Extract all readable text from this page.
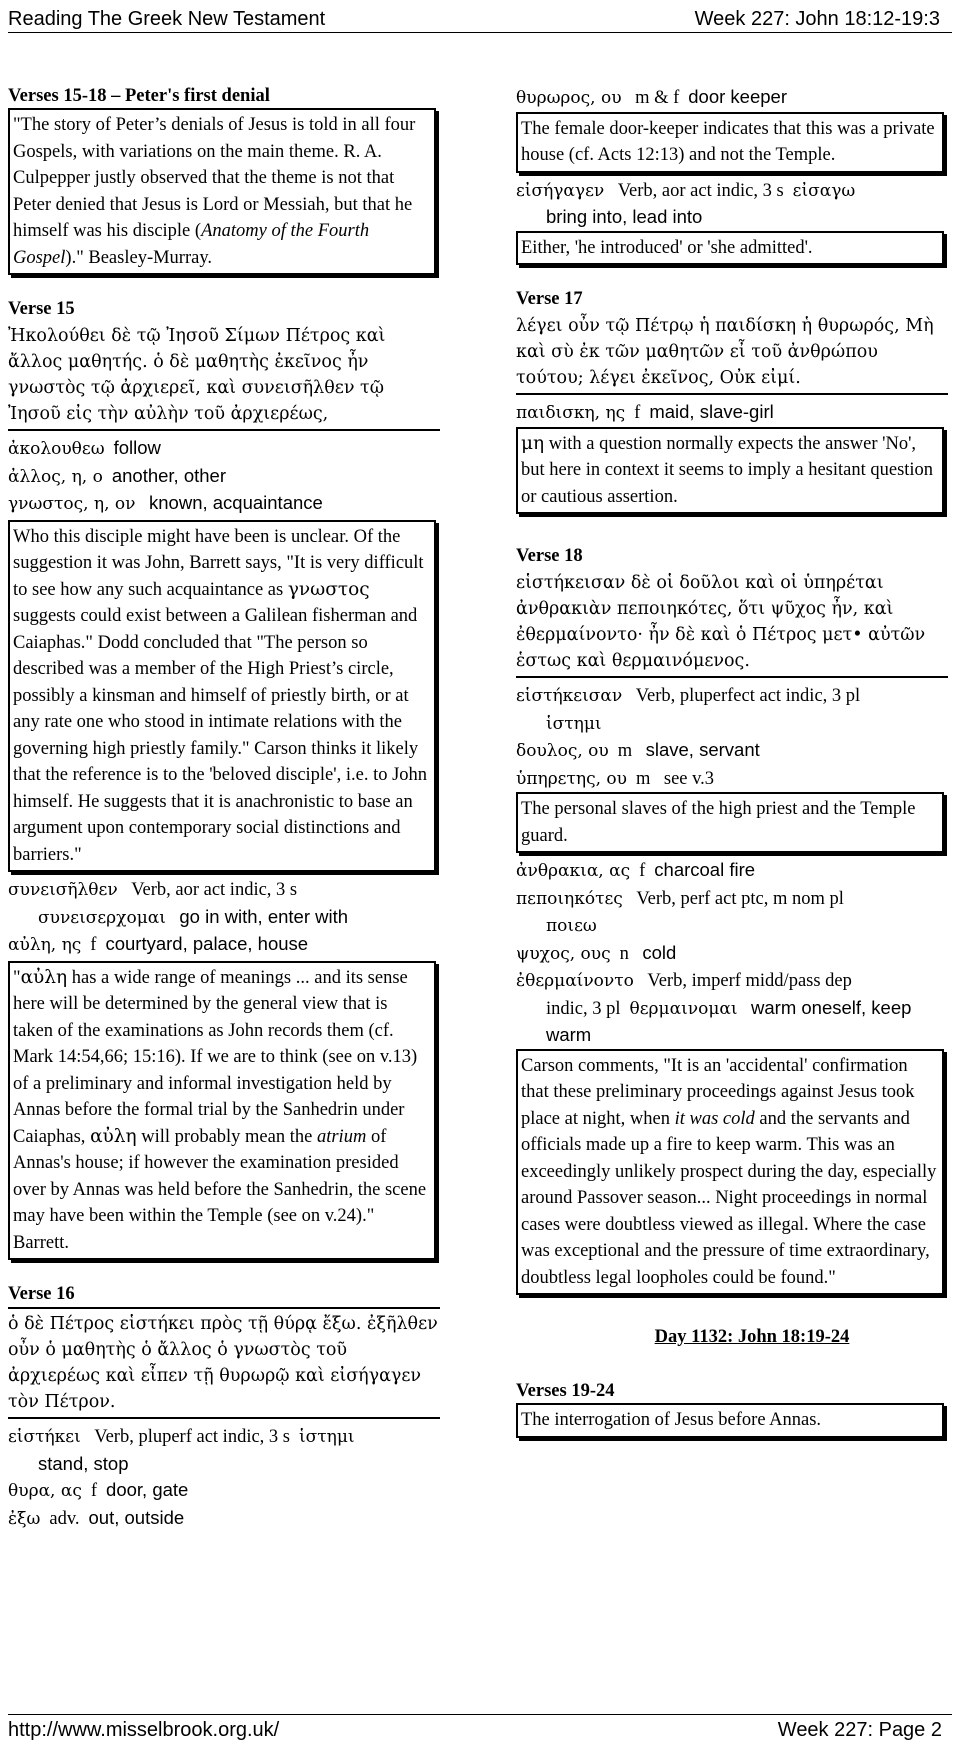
Reading The Greek New Testament	Week 227: John 18:12-19:3

Verses 15-18 – Peter's first denial

"The story of Peter’s denials of Jesus is told in all four Gospels, with variations on the main theme. R. A. Culpepper justly observed that the theme is not that Peter denied that Jesus is Lord or Messiah, but that he himself was his disciple (Anatomy of the Fourth Gospel)." Beasley-Murray.

Verse 15

Ἠκολούθει δὲ τῷ Ἰησοῦ Σίμων Πέτρος καὶ ἄλλος μαθητής. ὁ δὲ μαθητὴς ἐκεῖνος ἦν γνωστὸς τῷ ἀρχιερεῖ, καὶ συνεισῆλθεν τῷ Ἰησοῦ εἰς τὴν αὐλὴν τοῦ ἀρχιερέως,

ἀκολουθεω follow
ἀλλος, η, ο another, other
γνωστος, η, ον known, acquaintance
Who this disciple might have been is unclear. Of the suggestion it was John, Barrett says, "It is very difficult to see how any such acquaintance as γνωστος suggests could exist between a Galilean fisherman and Caiaphas." Dodd concluded that "The person so described was a member of the High Priest’s circle, possibly a kinsman and himself of priestly birth, or at any rate one who stood in intimate relations with the governing high priestly family." Carson thinks it likely that the reference is to the 'beloved disciple', i.e. to John himself. He suggests that it is anachronistic to base an argument upon contemporary social distinctions and barriers."
συνεισῆλθεν Verb, aor act indic, 3 s
συνεισερχομαι go in with, enter with
αὐλη, ης f courtyard, palace, house
"αὐλη has a wide range of meanings ... and its sense here will be determined by the general view that is taken of the examinations as John records them (cf. Mark 14:54,66; 15:16). If we are to think (see on v.13) of a preliminary and informal investigation held by Annas before the formal trial by the Sanhedrin under Caiaphas, αὐλη will probably mean the atrium of Annas's house; if however the examination presided over by Annas was held before the Sanhedrin, the scene may have been within the Temple (see on v.24)." Barrett.

Verse 16

ὁ δὲ Πέτρος εἱστήκει πρὸς τῇ θύρᾳ ἔξω. ἐξῆλθεν οὖν ὁ μαθητὴς ὁ ἄλλος ὁ γνωστὸς τοῦ ἀρχιερέως καὶ εἶπεν τῇ θυρωρῷ καὶ εἰσήγαγεν τὸν Πέτρον.

εἱστήκει Verb, pluperf act indic, 3 s ἱστημι
stand, stop
θυρα, ας f door, gate
ἐξω adv. out, outside
θυρωρος, ου m & f door keeper
The female door-keeper indicates that this was a private house (cf. Acts 12:13) and not the Temple.
εἰσήγαγεν Verb, aor act indic, 3 s εἰσαγω
bring into, lead into
Either, 'he introduced' or 'she admitted'.

Verse 17

λέγει οὖν τῷ Πέτρῳ ἡ παιδίσκη ἡ θυρωρός, Μὴ καὶ σὺ ἐκ τῶν μαθητῶν εἶ τοῦ ἀνθρώπου τούτου; λέγει ἐκεῖνος, Οὐκ εἰμί.

παιδισκη, ης f maid, slave-girl
μη with a question normally expects the answer 'No', but here in context it seems to imply a hesitant question or cautious assertion.

Verse 18

εἱστήκεισαν δὲ οἱ δοῦλοι καὶ οἱ ὑπηρέται ἀνθρακιὰν πεποιηκότες, ὅτι ψῦχος ἦν, καὶ ἐθερμαίνοντο· ἦν δὲ καὶ ὁ Πέτρος μετ• αὐτῶν ἑστως καὶ θερμαινόμενος.

εἱστήκεισαν Verb, pluperfect act indic, 3 pl
ἱστημι
δουλος, ου m slave, servant
ὑπηρετης, ου m see v.3
The personal slaves of the high priest and the Temple guard.
ἀνθρακια, ας f charcoal fire
πεποιηκότες Verb, perf act ptc, m nom pl
ποιεω
ψυχος, ους n cold
ἐθερμαίνοντο Verb, imperf midd/pass dep
indic, 3 pl θερμαινομαι warm oneself, keep warm
Carson comments, "It is an 'accidental' confirmation that these preliminary proceedings against Jesus took place at night, when it was cold and the servants and officials made up a fire to keep warm. This was an exceedingly unlikely prospect during the day, especially around Passover season... Night proceedings in normal cases were doubtless viewed as illegal. Where the case was exceptional and the pressure of time extraordinary, doubtless legal loopholes could be found."

Day 1132: John 18:19-24

Verses 19-24

The interrogation of Jesus before Annas.
http://www.misselbrook.org.uk/	Week 227: Page 2
